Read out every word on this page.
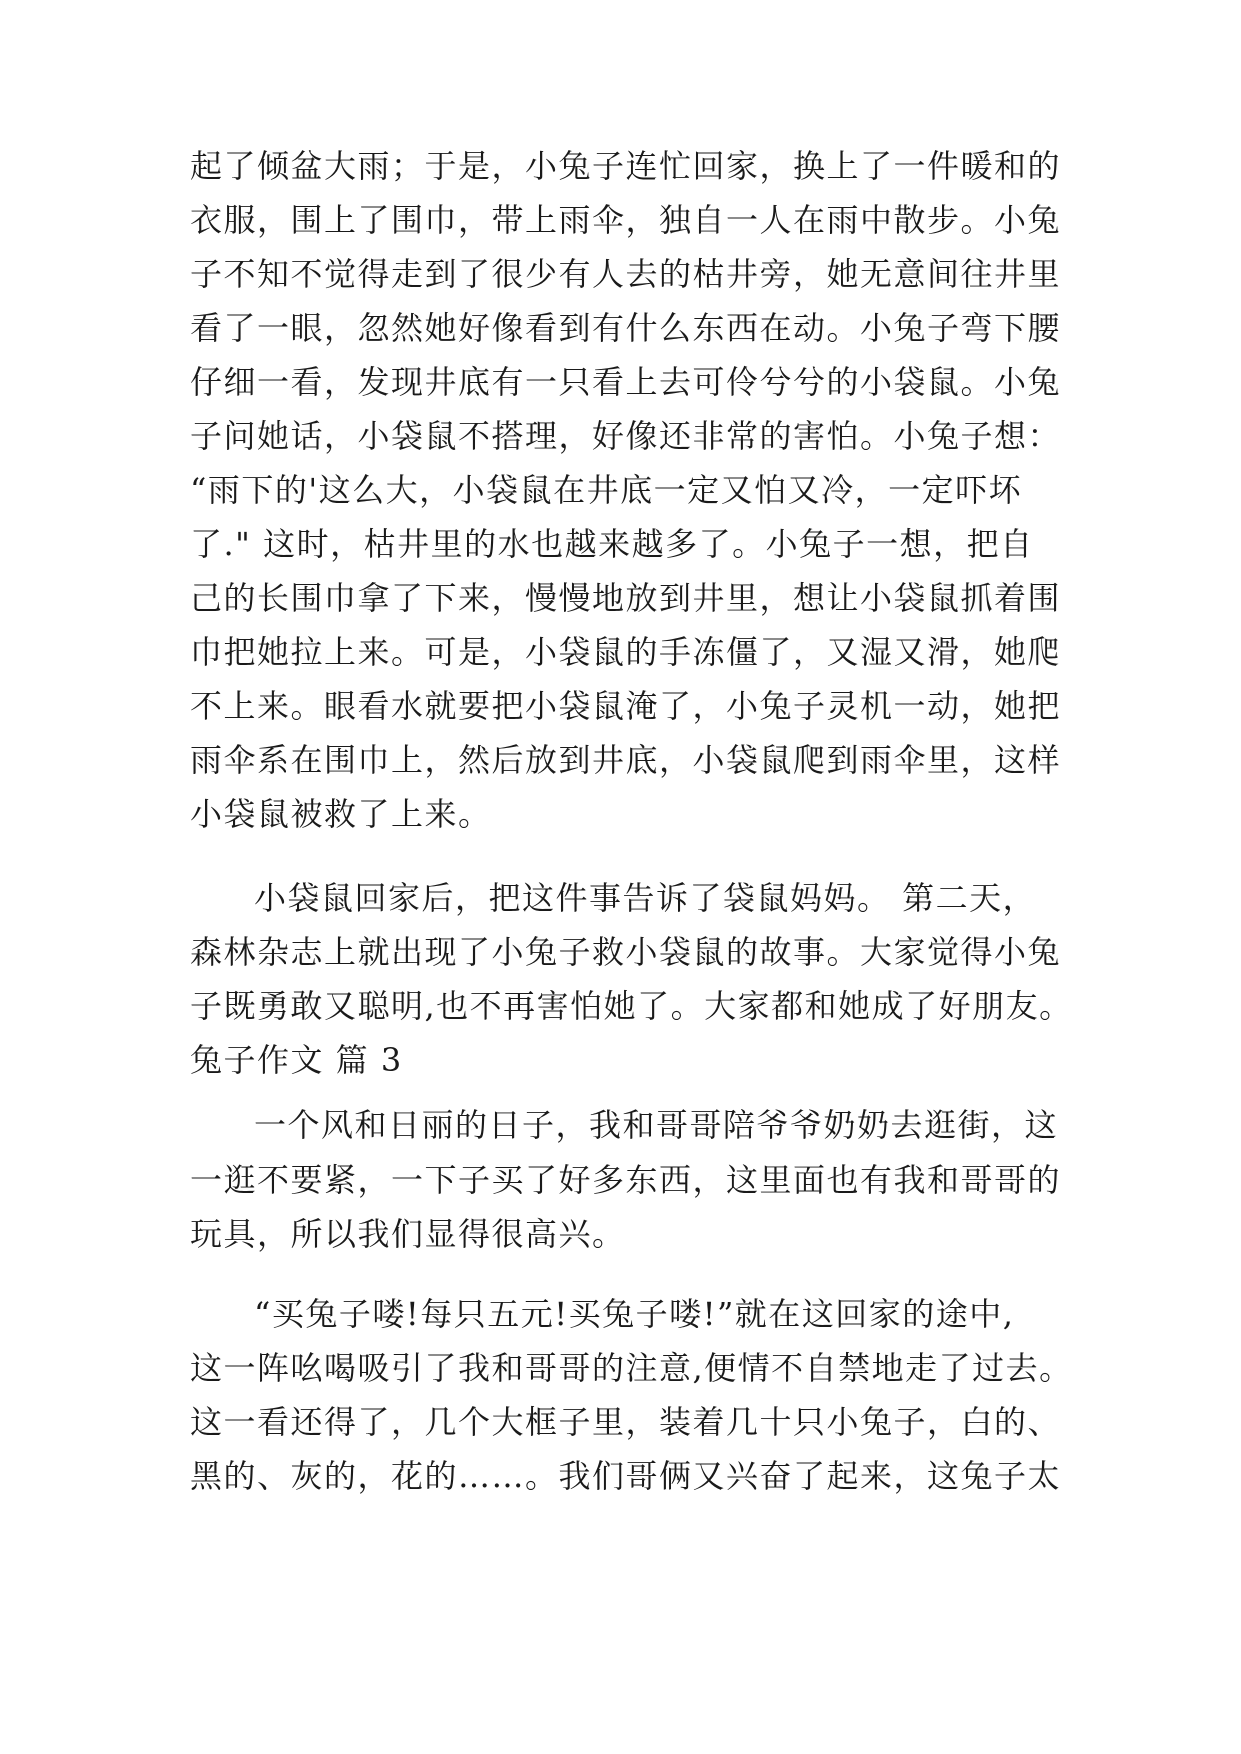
起了倾盆大雨；于是，小兔子连忙回家，换上了一件暖和的
衣服，围上了围巾，带上雨伞，独自一人在雨中散步。小兔
子不知不觉得走到了很少有人去的枯井旁，她无意间往井里
看了一眼，忽然她好像看到有什么东西在动。小兔子弯下腰
仔细一看，发现井底有一只看上去可伶兮兮的小袋鼠。小兔
子问她话，小袋鼠不搭理，好像还非常的害怕。小兔子想：
“雨下的'这么大，小袋鼠在井底一定又怕又冷，一定吓坏
了." 这时，枯井里的水也越来越多了。小兔子一想，把自
己的长围巾拿了下来，慢慢地放到井里，想让小袋鼠抓着围
巾把她拉上来。可是，小袋鼠的手冻僵了，又湿又滑，她爬
不上来。眼看水就要把小袋鼠淹了，小兔子灵机一动，她把
雨伞系在围巾上，然后放到井底，小袋鼠爬到雨伞里，这样
小袋鼠被救了上来。
小袋鼠回家后，把这件事告诉了袋鼠妈妈。 第二天，
森林杂志上就出现了小兔子救小袋鼠的故事。大家觉得小兔
子既勇敢又聪明,也不再害怕她了。大家都和她成了好朋友。
兔子作文 篇 3
一个风和日丽的日子，我和哥哥陪爷爷奶奶去逛街，这
一逛不要紧，一下子买了好多东西，这里面也有我和哥哥的
玩具，所以我们显得很高兴。
“买兔子喽!每只五元!买兔子喽!”就在这回家的途中,
这一阵吆喝吸引了我和哥哥的注意,便情不自禁地走了过去。
这一看还得了，几个大框子里，装着几十只小兔子，白的、
黑的、灰的，花的……。我们哥俩又兴奋了起来，这兔子太
